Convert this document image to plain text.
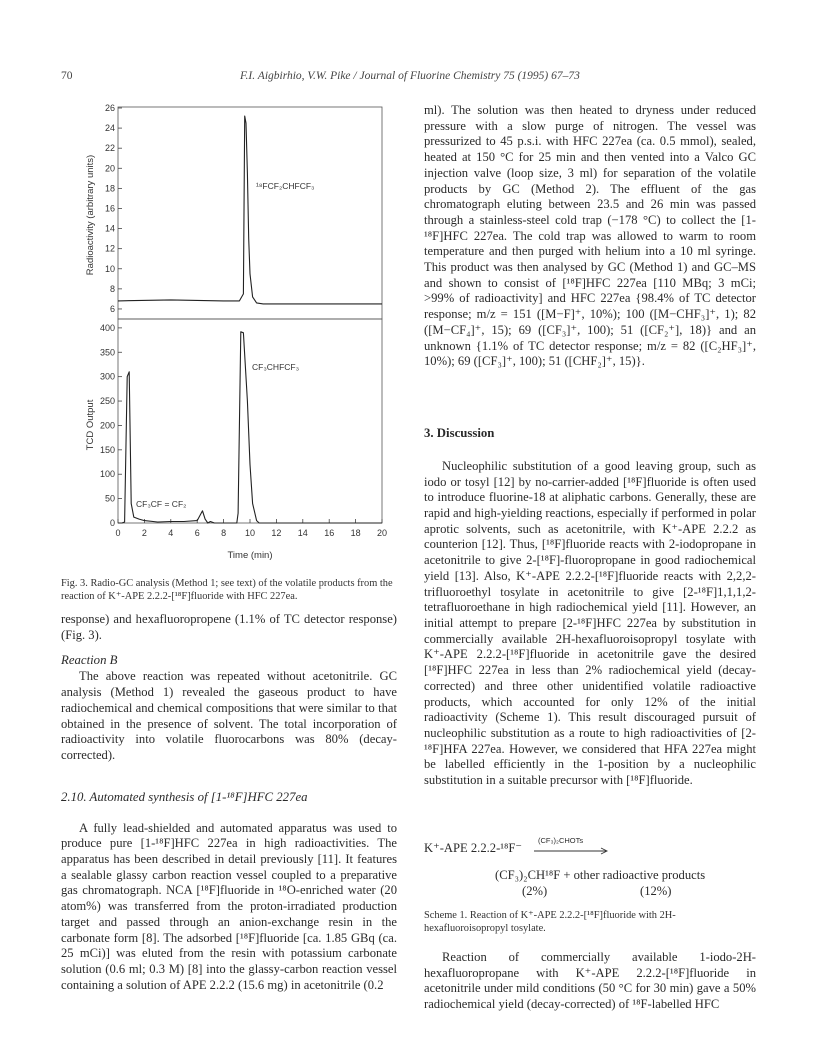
70	F.I. Aigbirhio, V.W. Pike / Journal of Fluorine Chemistry 75 (1995) 67–73
6
8
10
12
14
16
18
20
22
24
26
0
50
100
150
200
250
300
350
400
0 2 4 6 8 10 12 14 16 18 20
Radioactivity (arbitrary units)
TCD Output
Time (min)
¹⁸FCF₂CHFCF₃
CF₃CHFCF₃
CF₃CF = CF₂
Fig. 3. Radio-GC analysis (Method 1; see text) of the volatile products from the reaction of K⁺-APE 2.2.2-[¹⁸F]fluoride with HFC 227ea.

response) and hexafluoropropene (1.1% of TC detector response) (Fig. 3).

Reaction B

The above reaction was repeated without acetonitrile. GC analysis (Method 1) revealed the gaseous product to have radiochemical and chemical compositions that were similar to that obtained in the presence of solvent. The total incorporation of radioactivity into volatile fluorocarbons was 80% (decay-corrected).

2.10. Automated synthesis of [1-¹⁸F]HFC 227ea

A fully lead-shielded and automated apparatus was used to produce pure [1-¹⁸F]HFC 227ea in high radioactivities. The apparatus has been described in detail previously [11]. It features a sealable glassy carbon reaction vessel coupled to a preparative gas chromatograph. NCA [¹⁸F]fluoride in ¹⁸O-enriched water (20 atom%) was transferred from the proton-irradiated production target and passed through an anion-exchange resin in the carbonate form [8]. The adsorbed [¹⁸F]fluoride [ca. 1.85 GBq (ca. 25 mCi)] was eluted from the resin with potassium carbonate solution (0.6 ml; 0.3 M) [8] into the glassy-carbon reaction vessel containing a solution of APE 2.2.2 (15.6 mg) in acetonitrile (0.2

ml). The solution was then heated to dryness under reduced pressure with a slow purge of nitrogen. The vessel was pressurized to 45 p.s.i. with HFC 227ea (ca. 0.5 mmol), sealed, heated at 150 °C for 25 min and then vented into a Valco GC injection valve (loop size, 3 ml) for separation of the volatile products by GC (Method 2). The effluent of the gas chromatograph eluting between 23.5 and 26 min was passed through a stainless-steel cold trap (−178 °C) to collect the [1-¹⁸F]HFC 227ea. The cold trap was allowed to warm to room temperature and then purged with helium into a 10 ml syringe. This product was then analysed by GC (Method 1) and GC–MS and shown to consist of [¹⁸F]HFC 227ea [110 MBq; 3 mCi; >99% of radioactivity] and HFC 227ea {98.4% of TC detector response; m/z = 151 ([M−F]⁺, 10%); 100 ([M−CHF₃]⁺, 1); 82 ([M−CF₄]⁺, 15); 69 ([CF₃]⁺, 100); 51 ([CF₂⁺], 18)} and an unknown {1.1% of TC detector response; m/z = 82 ([C₂HF₃]⁺, 10%); 69 ([CF₃]⁺, 100); 51 ([CHF₂]⁺, 15)}.

3. Discussion

Nucleophilic substitution of a good leaving group, such as iodo or tosyl [12] by no-carrier-added [¹⁸F]fluoride is often used to introduce fluorine-18 at aliphatic carbons. Generally, these are rapid and high-yielding reactions, especially if performed in polar aprotic solvents, such as acetonitrile, with K⁺-APE 2.2.2 as counterion [12]. Thus, [¹⁸F]fluoride reacts with 2-iodopropane in acetonitrile to give 2-[¹⁸F]-fluoropropane in good radiochemical yield [13]. Also, K⁺-APE 2.2.2-[¹⁸F]fluoride reacts with 2,2,2-trifluoroethyl tosylate in acetonitrile to give [2-¹⁸F]1,1,1,2-tetrafluoroethane in high radiochemical yield [11]. However, an initial attempt to prepare [2-¹⁸F]HFC 227ea by substitution in commercially available 2H-hexafluoroisopropyl tosylate with K⁺-APE 2.2.2-[¹⁸F]fluoride in acetonitrile gave the desired [¹⁸F]HFC 227ea in less than 2% radiochemical yield (decay-corrected) and three other unidentified volatile radioactive products, which accounted for only 12% of the initial radioactivity (Scheme 1). This result discouraged pursuit of nucleophilic substitution as a route to high radioactivities of [2-¹⁸F]HFA 227ea. However, we considered that HFA 227ea might be labelled efficiently in the 1-position by a nucleophilic substitution in a suitable precursor with [¹⁸F]fluoride.

K⁺-APE 2.2.2-¹⁸F⁻
(CF₃)₂CHOTs
(CF₃)₂CH¹⁸F + other radioactive products
(2%)	(12%)
Scheme 1. Reaction of K⁺-APE 2.2.2-[¹⁸F]fluoride with 2H-hexafluoroisopropyl tosylate.

Reaction of commercially available 1-iodo-2H-hexafluoropropane with K⁺-APE 2.2.2-[¹⁸F]fluoride in acetonitrile under mild conditions (50 °C for 30 min) gave a 50% radiochemical yield (decay-corrected) of ¹⁸F-labelled HFC
